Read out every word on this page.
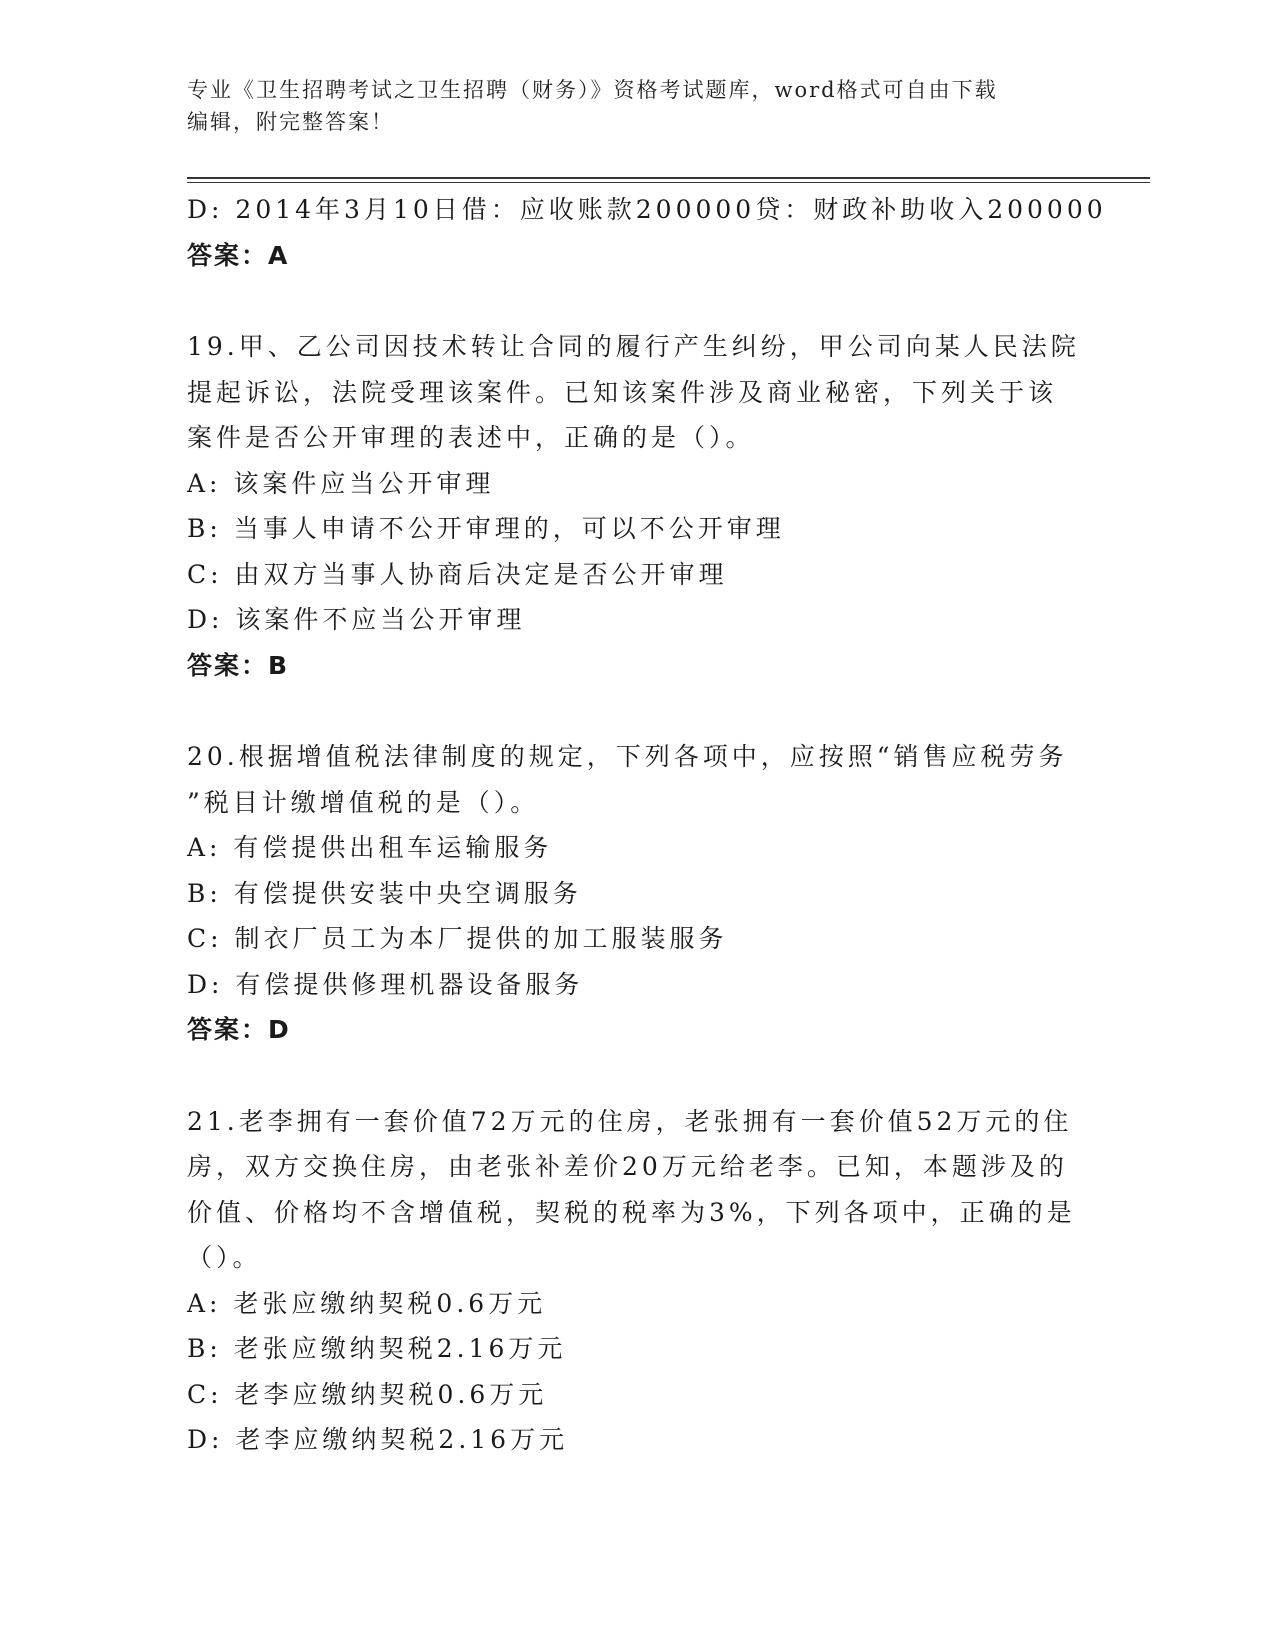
专业《卫生招聘考试之卫生招聘（财务）》资格考试题库，word格式可自由下载
编辑，附完整答案！
D: 2014年3月10日借：应收账款200000贷：财政补助收入200000
答案：A
19.甲、乙公司因技术转让合同的履行产生纠纷，甲公司向某人民法院
提起诉讼，法院受理该案件。已知该案件涉及商业秘密，下列关于该
案件是否公开审理的表述中，正确的是（）。
A: 该案件应当公开审理
B: 当事人申请不公开审理的，可以不公开审理
C: 由双方当事人协商后决定是否公开审理
D: 该案件不应当公开审理
答案：B
20.根据增值税法律制度的规定，下列各项中，应按照“销售应税劳务
”税目计缴增值税的是（）。
A: 有偿提供出租车运输服务
B: 有偿提供安装中央空调服务
C: 制衣厂员工为本厂提供的加工服装服务
D: 有偿提供修理机器设备服务
答案：D
21.老李拥有一套价值72万元的住房，老张拥有一套价值52万元的住
房，双方交换住房，由老张补差价20万元给老李。已知，本题涉及的
价值、价格均不含增值税，契税的税率为3%，下列各项中，正确的是
（）。
A: 老张应缴纳契税0.6万元
B: 老张应缴纳契税2.16万元
C: 老李应缴纳契税0.6万元
D: 老李应缴纳契税2.16万元
